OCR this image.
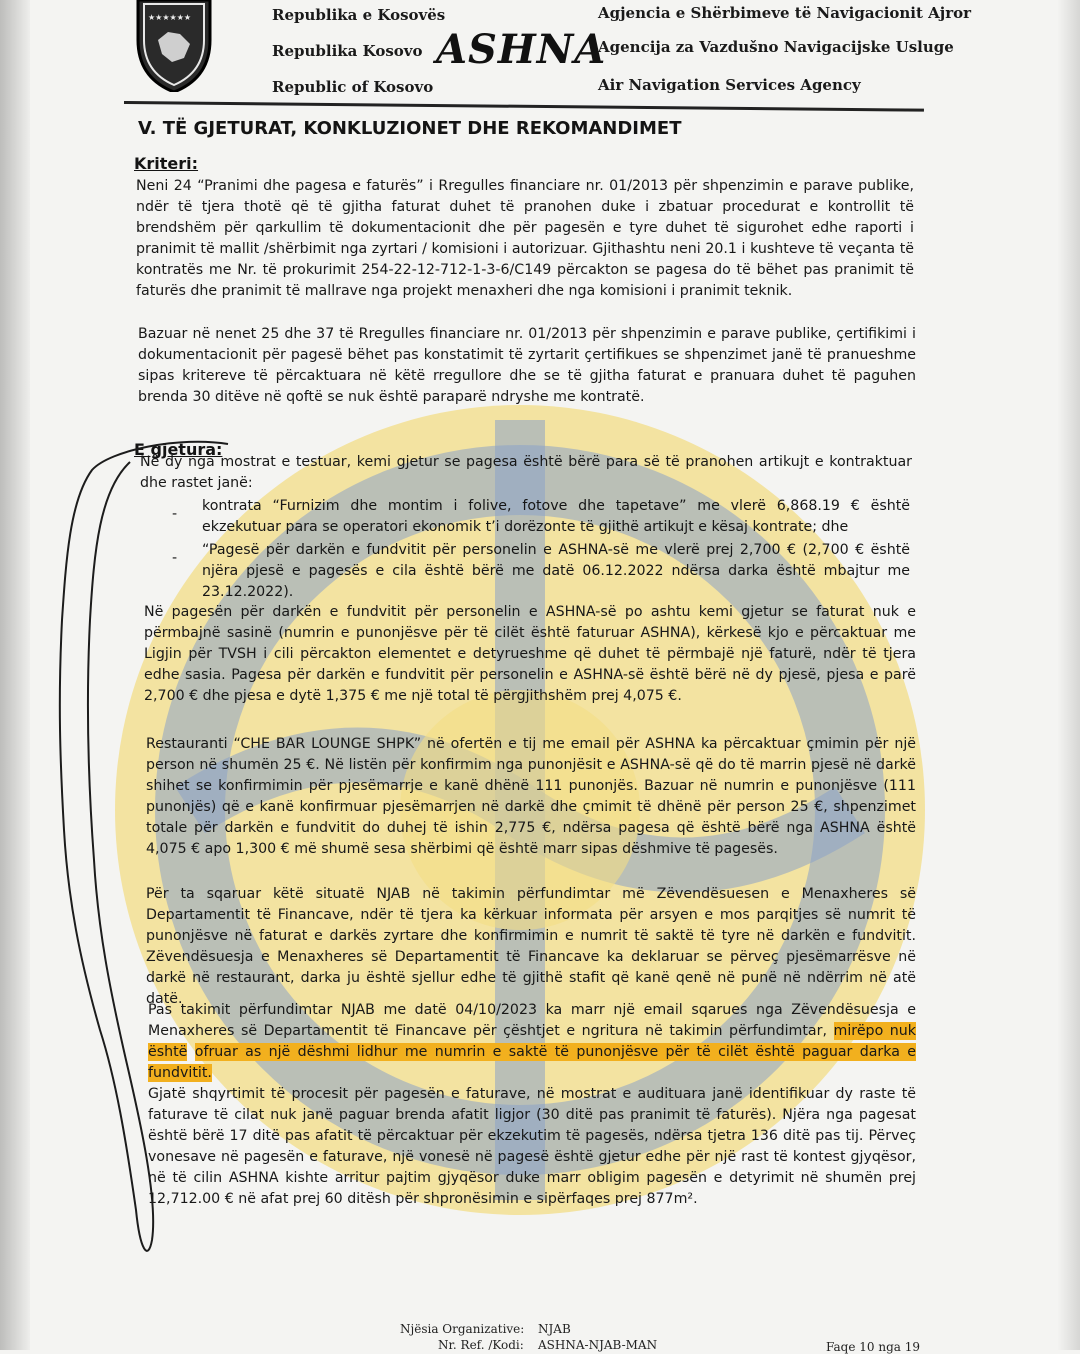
★★★★★★	Republika e Kosovës
Republika Kosovo
Republic of Kosovo
ASHNA
Agjencia e Shërbimeve të Navigacionit Ajror
Agencija za Vazdušno Navigacijske Usluge
Air Navigation Services Agency
V. TË GJETURAT, KONKLUZIONET DHE REKOMANDIMET
Kriteri:
Neni 24 “Pranimi dhe pagesa e faturës” i Rregulles financiare nr. 01/2013 për shpenzimin e parave publike, ndër të tjera thotë që të gjitha faturat duhet të pranohen duke i zbatuar procedurat e kontrollit të brendshëm për qarkullim të dokumentacionit dhe për pagesën e tyre duhet të sigurohet edhe raporti i pranimit të mallit /shërbimit nga zyrtari / komisioni i autorizuar. Gjithashtu neni 20.1 i kushteve të veçanta të kontratës me Nr. të prokurimit 254-22-12-712-1-3-6/C149 përcakton se pagesa do të bëhet pas pranimit të faturës dhe pranimit të mallrave nga projekt menaxheri dhe nga komisioni i pranimit teknik.
Bazuar në nenet 25 dhe 37 të Rregulles financiare nr. 01/2013 për shpenzimin e parave publike, çertifikimi i dokumentacionit për pagesë bëhet pas konstatimit të zyrtarit çertifikues se shpenzimet janë të pranueshme sipas kritereve të përcaktuara në këtë rregullore dhe se të gjitha faturat e pranuara duhet të paguhen brenda 30 ditëve në qoftë se nuk është paraparë ndryshe me kontratë.
E gjetura:
Në dy nga mostrat e testuar, kemi gjetur se pagesa është bërë para së të pranohen artikujt e kontraktuar dhe rastet janë:
- kontrata “Furnizim dhe montim i folive, fotove dhe tapetave” me vlerë 6,868.19 € është ekzekutuar para se operatori ekonomik t’i dorëzonte të gjithë artikujt e kësaj kontrate; dhe
- “Pagesë për darkën e fundvitit për personelin e ASHNA-së me vlerë prej 2,700 € (2,700 € është njëra pjesë e pagesës e cila është bërë me datë 06.12.2022 ndërsa darka është mbajtur me 23.12.2022).
Në pagesën për darkën e fundvitit për personelin e ASHNA-së po ashtu kemi gjetur se faturat nuk e përmbajnë sasinë (numrin e punonjësve për të cilët është faturuar ASHNA), kërkesë kjo e përcaktuar me Ligjin për TVSH i cili përcakton elementet e detyrueshme që duhet të përmbajë një faturë, ndër të tjera edhe sasia. Pagesa për darkën e fundvitit për personelin e ASHNA-së është bërë në dy pjesë, pjesa e parë 2,700 € dhe pjesa e dytë 1,375 € me një total të përgjithshëm prej 4,075 €.
Restauranti “CHE BAR LOUNGE SHPK” në ofertën e tij me email për ASHNA ka përcaktuar çmimin për një person në shumën 25 €. Në listën për konfirmim nga punonjësit e ASHNA-së që do të marrin pjesë në darkë shihet se konfirmimin për pjesëmarrje e kanë dhënë 111 punonjës. Bazuar në numrin e punonjësve (111 punonjës) që e kanë konfirmuar pjesëmarrjen në darkë dhe çmimit të dhënë për person 25 €, shpenzimet totale për darkën e fundvitit do duhej të ishin 2,775 €, ndërsa pagesa që është bërë nga ASHNA është 4,075 € apo 1,300 € më shumë sesa shërbimi që është marr sipas dëshmive të pagesës.
Për ta sqaruar këtë situatë NJAB në takimin përfundimtar më Zëvendësuesen e Menaxheres së Departamentit të Financave, ndër të tjera ka kërkuar informata për arsyen e mos parqitjes së numrit të punonjësve në faturat e darkës zyrtare dhe konfirmimin e numrit të saktë të tyre në darkën e fundvitit. Zëvendësuesja e Menaxheres së Departamentit të Financave ka deklaruar se përveç pjesëmarrësve në darkë në restaurant, darka ju është sjellur edhe të gjithë stafit që kanë qenë në punë në ndërrim në atë datë.
Pas takimit përfundimtar NJAB me datë 04/10/2023 ka marr një email sqarues nga Zëvendësuesja e Menaxheres së Departamentit të Financave për çështjet e ngritura në takimin përfundimtar, mirëpo nuk është ofruar as një dëshmi lidhur me numrin e saktë të punonjësve për të cilët është paguar darka e fundvitit.
Gjatë shqyrtimit të procesit për pagesën e faturave, në mostrat e audituara janë identifikuar dy raste të faturave të cilat nuk janë paguar brenda afatit ligjor (30 ditë pas pranimit të faturës). Njëra nga pagesat është bërë 17 ditë pas afatit të përcaktuar për ekzekutim të pagesës, ndërsa tjetra 136 ditë pas tij. Përveç vonesave në pagesën e faturave, një vonesë në pagesë është gjetur edhe për një rast të kontest gjyqësor, në të cilin ASHNA kishte arritur pajtim gjyqësor duke marr obligim pagesën e detyrimit në shumën prej 12,712.00 € në afat prej 60 ditësh për shpronësimin e sipërfaqes prej 877m².
Njësia Organizative: NJAB
Nr. Ref. /Kodi: ASHNA-NJAB-MAN	Faqe 10 nga 19
